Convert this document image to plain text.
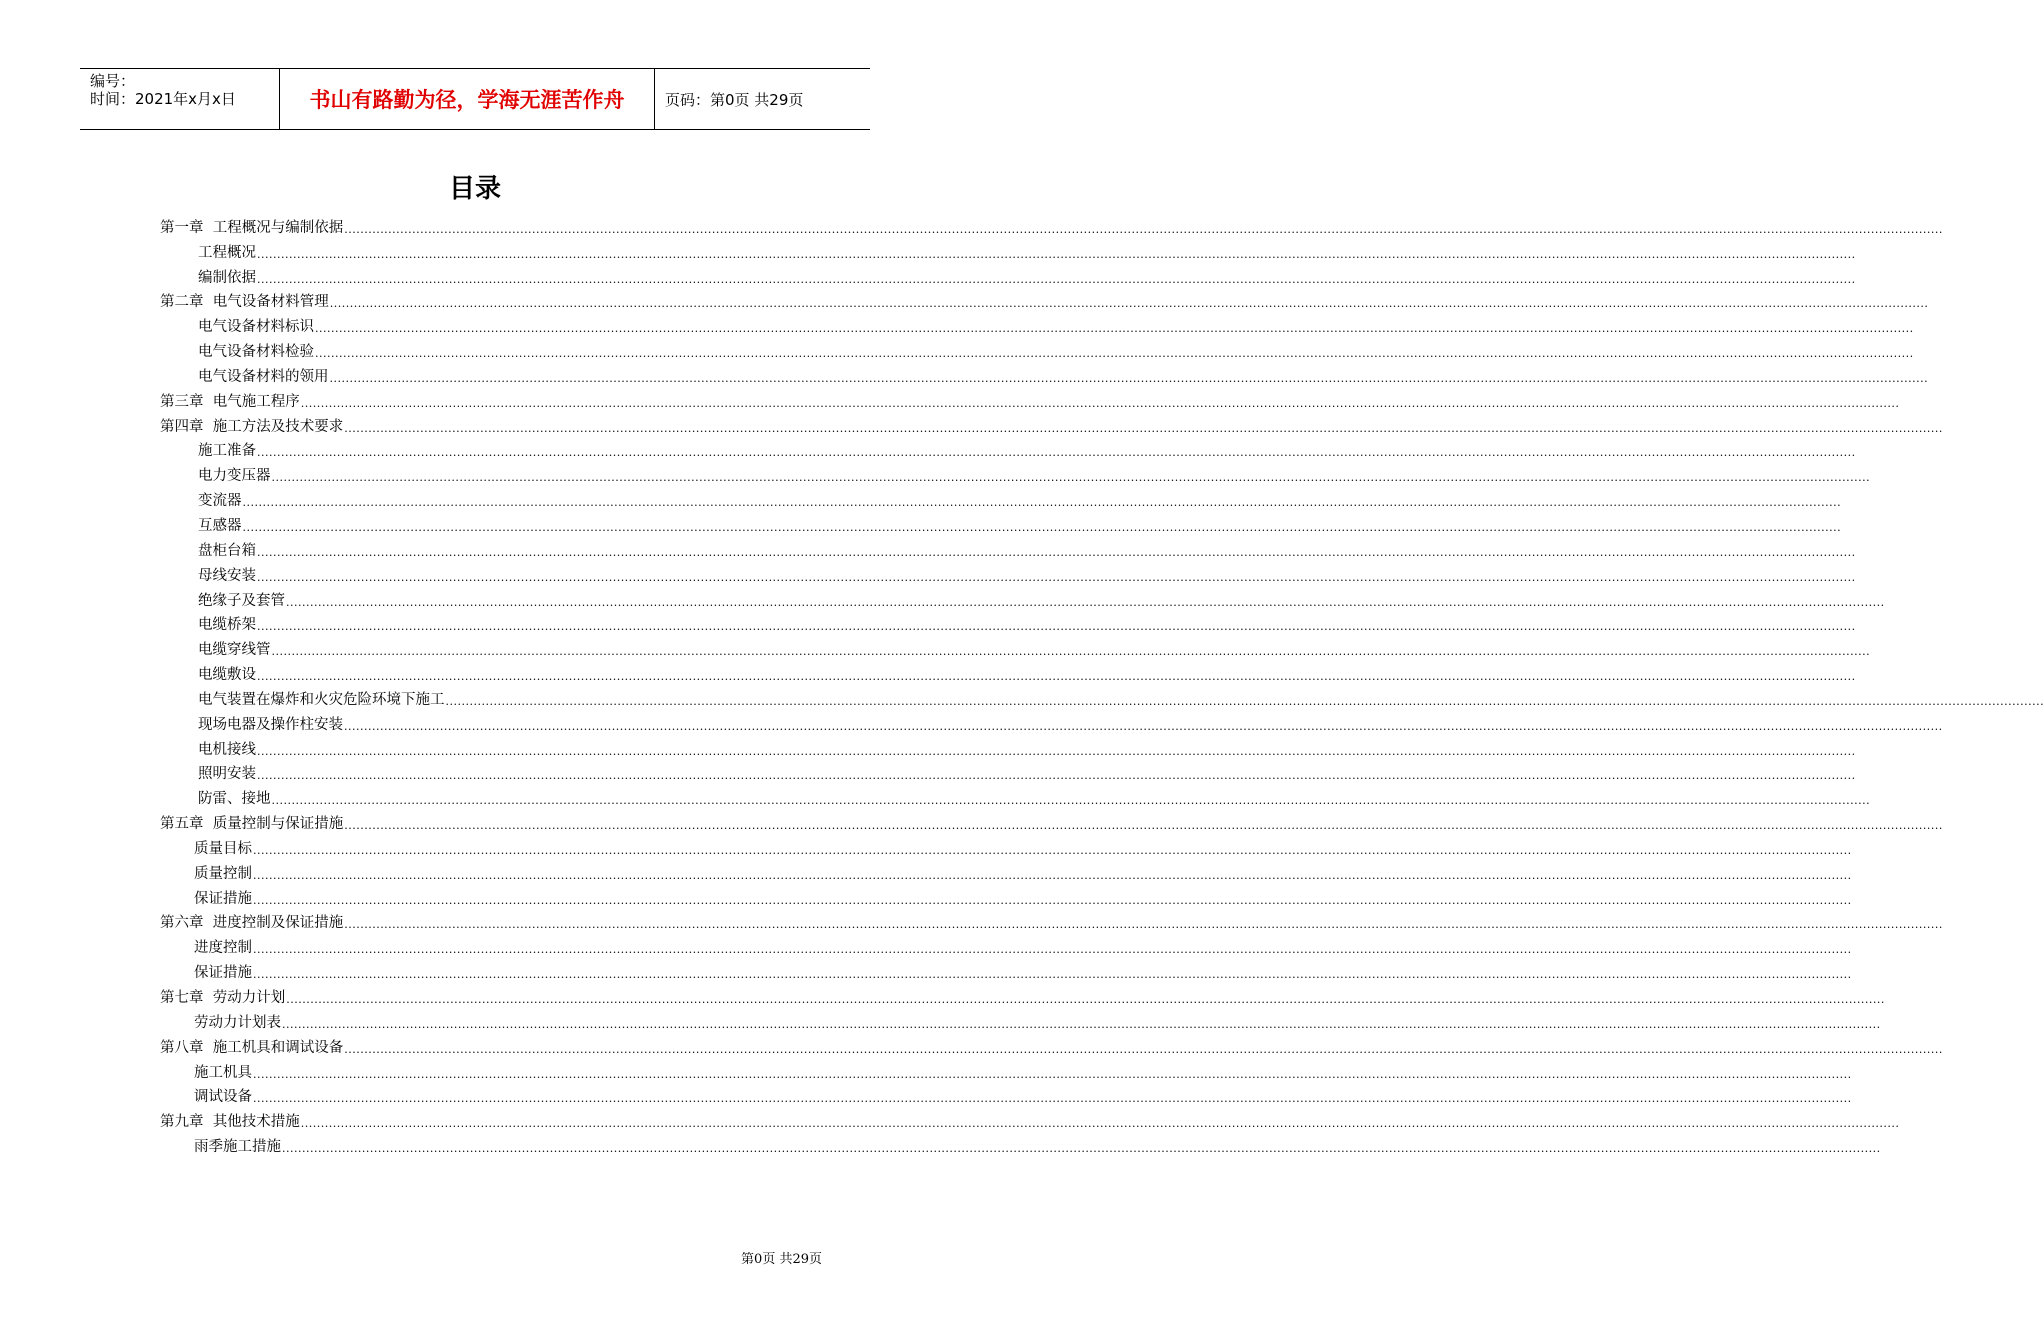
编号：
时间：2021年x月x日	书山有路勤为径，学海无涯苦作舟	页码：第0页 共29页
目录
第一章  工程概况与编制依据 ................................................................................................................................................................................................................................................................................................................................................................................................................
工程概况 ................................................................................................................................................................................................................................................................................................................................................................................................................
编制依据 ................................................................................................................................................................................................................................................................................................................................................................................................................
第二章  电气设备材料管理 ................................................................................................................................................................................................................................................................................................................................................................................................................
电气设备材料标识 ................................................................................................................................................................................................................................................................................................................................................................................................................
电气设备材料检验 ................................................................................................................................................................................................................................................................................................................................................................................................................
电气设备材料的领用 ................................................................................................................................................................................................................................................................................................................................................................................................................
第三章  电气施工程序 ................................................................................................................................................................................................................................................................................................................................................................................................................
第四章  施工方法及技术要求 ................................................................................................................................................................................................................................................................................................................................................................................................................
施工准备 ................................................................................................................................................................................................................................................................................................................................................................................................................
电力变压器 ................................................................................................................................................................................................................................................................................................................................................................................................................
变流器 ................................................................................................................................................................................................................................................................................................................................................................................................................
互感器 ................................................................................................................................................................................................................................................................................................................................................................................................................
盘柜台箱 ................................................................................................................................................................................................................................................................................................................................................................................................................
母线安装 ................................................................................................................................................................................................................................................................................................................................................................................................................
绝缘子及套管 ................................................................................................................................................................................................................................................................................................................................................................................................................
电缆桥架 ................................................................................................................................................................................................................................................................................................................................................................................................................
电缆穿线管 ................................................................................................................................................................................................................................................................................................................................................................................................................
电缆敷设 ................................................................................................................................................................................................................................................................................................................................................................................................................
电气装置在爆炸和火灾危险环境下施工 ................................................................................................................................................................................................................................................................................................................................................................................................................
现场电器及操作柱安装 ................................................................................................................................................................................................................................................................................................................................................................................................................
电机接线 ................................................................................................................................................................................................................................................................................................................................................................................................................
照明安装 ................................................................................................................................................................................................................................................................................................................................................................................................................
防雷、接地 ................................................................................................................................................................................................................................................................................................................................................................................................................
第五章  质量控制与保证措施 ................................................................................................................................................................................................................................................................................................................................................................................................................
质量目标 ................................................................................................................................................................................................................................................................................................................................................................................................................
质量控制 ................................................................................................................................................................................................................................................................................................................................................................................................................
保证措施 ................................................................................................................................................................................................................................................................................................................................................................................................................
第六章  进度控制及保证措施 ................................................................................................................................................................................................................................................................................................................................................................................................................
进度控制 ................................................................................................................................................................................................................................................................................................................................................................................................................
保证措施 ................................................................................................................................................................................................................................................................................................................................................................................................................
第七章  劳动力计划 ................................................................................................................................................................................................................................................................................................................................................................................................................
劳动力计划表 ................................................................................................................................................................................................................................................................................................................................................................................................................
第八章  施工机具和调试设备 ................................................................................................................................................................................................................................................................................................................................................................................................................
施工机具 ................................................................................................................................................................................................................................................................................................................................................................................................................
调试设备 ................................................................................................................................................................................................................................................................................................................................................................................................................
第九章  其他技术措施 ................................................................................................................................................................................................................................................................................................................................................................................................................
雨季施工措施 ................................................................................................................................................................................................................................................................................................................................................................................................................
第0页 共29页
